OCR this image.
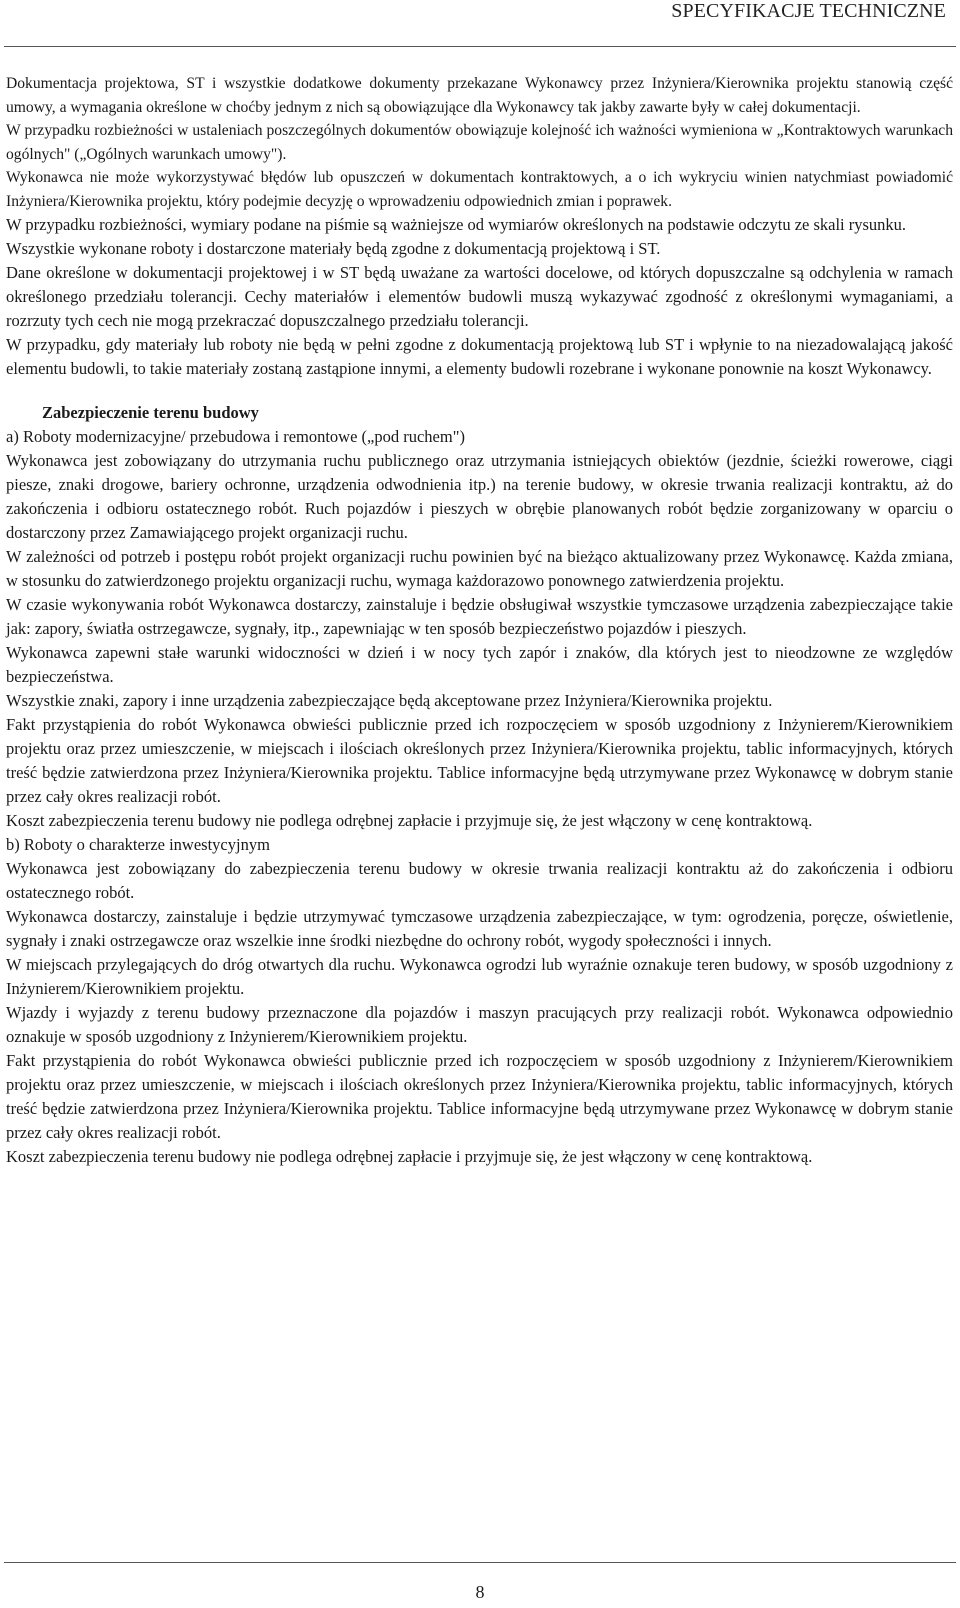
SPECYFIKACJE TECHNICZNE

Dokumentacja projektowa, ST i wszystkie dodatkowe dokumenty przekazane Wykonawcy przez Inżyniera/Kierownika projektu stanowią część umowy, a wymagania określone w choćby jednym z nich są obowiązujące dla Wykonawcy tak jakby zawarte były w całej dokumentacji.

W przypadku rozbieżności w ustaleniach poszczególnych dokumentów obowiązuje kolejność ich ważności wymieniona w „Kontraktowych warunkach ogólnych" („Ogólnych warunkach umowy").

Wykonawca nie może wykorzystywać błędów lub opuszczeń w dokumentach kontraktowych, a o ich wykryciu winien natychmiast powiadomić Inżyniera/Kierownika projektu, który podejmie decyzję o wprowadzeniu odpowiednich zmian i poprawek.

W przypadku rozbieżności, wymiary podane na piśmie są ważniejsze od wymiarów określonych na podstawie odczytu ze skali rysunku.

Wszystkie wykonane roboty i dostarczone materiały będą zgodne z dokumentacją projektową i ST.

Dane określone w dokumentacji projektowej i w ST będą uważane za wartości docelowe, od których dopuszczalne są odchylenia w ramach określonego przedziału tolerancji. Cechy materiałów i elementów budowli muszą wykazywać zgodność z określonymi wymaganiami, a rozrzuty tych cech nie mogą przekraczać dopuszczalnego przedziału tolerancji.

W przypadku, gdy materiały lub roboty nie będą w pełni zgodne z dokumentacją projektową lub ST i wpłynie to na niezadowalającą jakość elementu budowli, to takie materiały zostaną zastąpione innymi, a elementy budowli rozebrane i wykonane ponownie na koszt Wykonawcy.

Zabezpieczenie terenu budowy

a) Roboty modernizacyjne/ przebudowa i remontowe („pod ruchem")

Wykonawca jest zobowiązany do utrzymania ruchu publicznego oraz utrzymania istniejących obiektów (jezdnie, ścieżki rowerowe, ciągi piesze, znaki drogowe, bariery ochronne, urządzenia odwodnienia itp.) na terenie budowy, w okresie trwania realizacji kontraktu, aż do zakończenia i odbioru ostatecznego robót. Ruch pojazdów i pieszych w obrębie planowanych robót będzie zorganizowany w oparciu o dostarczony przez Zamawiającego projekt organizacji ruchu.

W zależności od potrzeb i postępu robót projekt organizacji ruchu powinien być na bieżąco aktualizowany przez Wykonawcę. Każda zmiana, w stosunku do zatwierdzonego projektu organizacji ruchu, wymaga każdorazowo ponownego zatwierdzenia projektu.

W czasie wykonywania robót Wykonawca dostarczy, zainstaluje i będzie obsługiwał wszystkie tymczasowe urządzenia zabezpieczające takie jak: zapory, światła ostrzegawcze, sygnały, itp., zapewniając w ten sposób bezpieczeństwo pojazdów i pieszych.

Wykonawca zapewni stałe warunki widoczności w dzień i w nocy tych zapór i znaków, dla których jest to nieodzowne ze względów bezpieczeństwa.

Wszystkie znaki, zapory i inne urządzenia zabezpieczające będą akceptowane przez Inżyniera/Kierownika projektu.

Fakt przystąpienia do robót Wykonawca obwieści publicznie przed ich rozpoczęciem w sposób uzgodniony z Inżynierem/Kierownikiem projektu oraz przez umieszczenie, w miejscach i ilościach określonych przez Inżyniera/Kierownika projektu, tablic informacyjnych, których treść będzie zatwierdzona przez Inżyniera/Kierownika projektu. Tablice informacyjne będą utrzymywane przez Wykonawcę w dobrym stanie przez cały okres realizacji robót.

Koszt zabezpieczenia terenu budowy nie podlega odrębnej zapłacie i przyjmuje się, że jest włączony w cenę kontraktową.

b) Roboty o charakterze inwestycyjnym

Wykonawca jest zobowiązany do zabezpieczenia terenu budowy w okresie trwania realizacji kontraktu aż do zakończenia i odbioru ostatecznego robót.

Wykonawca dostarczy, zainstaluje i będzie utrzymywać tymczasowe urządzenia zabezpieczające, w tym: ogrodzenia, poręcze, oświetlenie, sygnały i znaki ostrzegawcze oraz wszelkie inne środki niezbędne do ochrony robót, wygody społeczności i innych.

W miejscach przylegających do dróg otwartych dla ruchu. Wykonawca ogrodzi lub wyraźnie oznakuje teren budowy, w sposób uzgodniony z Inżynierem/Kierownikiem projektu.

Wjazdy i wyjazdy z terenu budowy przeznaczone dla pojazdów i maszyn pracujących przy realizacji robót. Wykonawca odpowiednio oznakuje w sposób uzgodniony z Inżynierem/Kierownikiem projektu.

Fakt przystąpienia do robót Wykonawca obwieści publicznie przed ich rozpoczęciem w sposób uzgodniony z Inżynierem/Kierownikiem projektu oraz przez umieszczenie, w miejscach i ilościach określonych przez Inżyniera/Kierownika projektu, tablic informacyjnych, których treść będzie zatwierdzona przez Inżyniera/Kierownika projektu. Tablice informacyjne będą utrzymywane przez Wykonawcę w dobrym stanie przez cały okres realizacji robót.

Koszt zabezpieczenia terenu budowy nie podlega odrębnej zapłacie i przyjmuje się, że jest włączony w cenę kontraktową.

8
